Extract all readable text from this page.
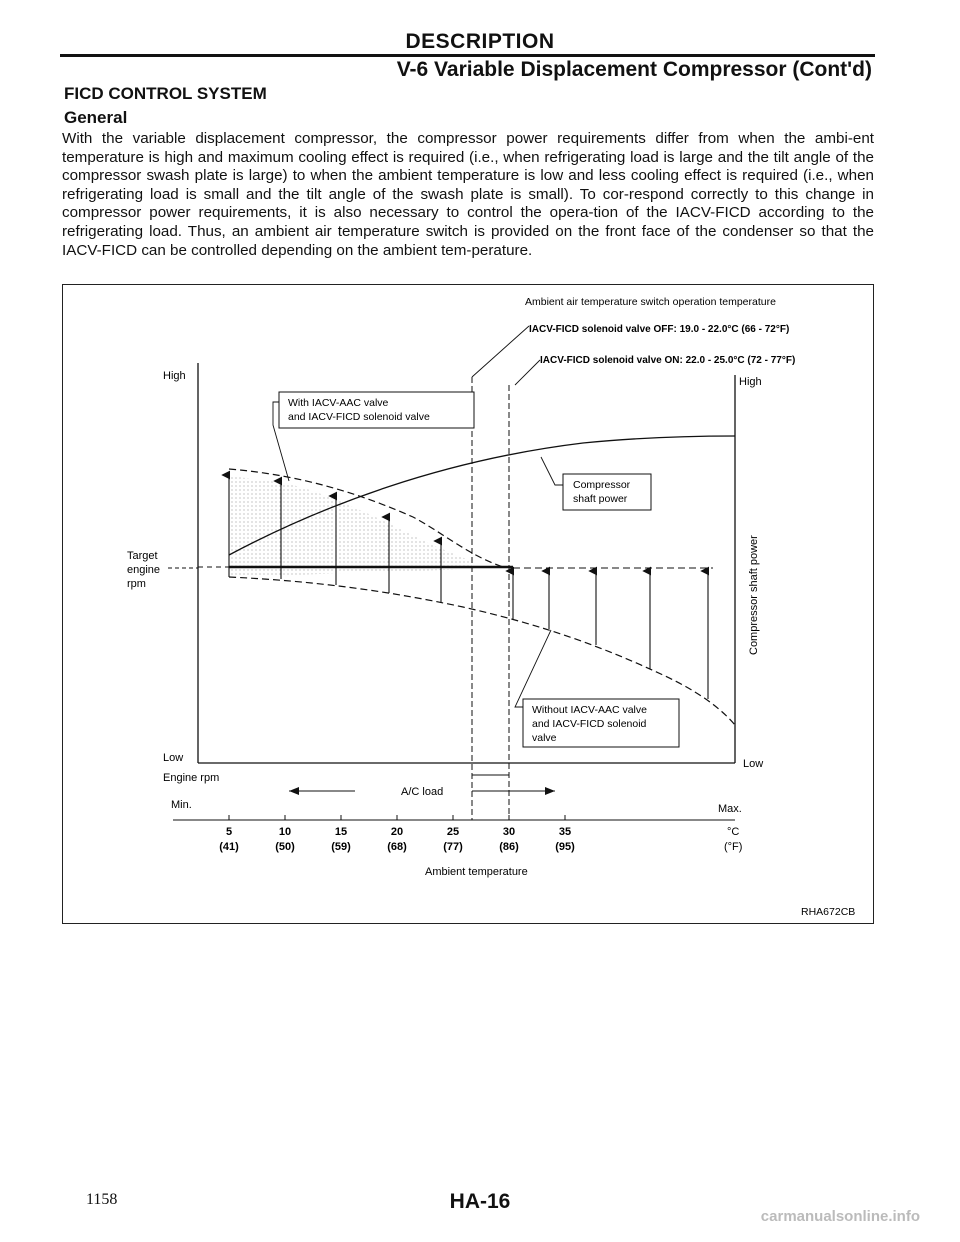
DESCRIPTION
V-6 Variable Displacement Compressor (Cont'd)
FICD CONTROL SYSTEM
General
With the variable displacement compressor, the compressor power requirements differ from when the ambi-ent temperature is high and maximum cooling effect is required (i.e., when refrigerating load is large and the tilt angle of the compressor swash plate is large) to when the ambient temperature is low and less cooling effect is required (i.e., when refrigerating load is small and the tilt angle of the swash plate is small). To cor-respond correctly to this change in compressor power requirements, it is also necessary to control the opera-tion of the IACV-FICD according to the refrigerating load. Thus, an ambient air temperature switch is provided on the front face of the condenser so that the IACV-FICD can be controlled depending on the ambient tem-perature.
Ambient air temperature switch operation temperature
IACV-FICD solenoid valve OFF: 19.0 - 22.0°C (66 - 72°F)
IACV-FICD solenoid valve ON: 22.0 - 25.0°C (72 - 77°F)
High
Low
Target
engine
rpm
Engine rpm
Min.
High
Low
Compressor shaft power
Max.
With IACV-AAC valve
and IACV-FICD solenoid valve
Compressor
shaft power
Without IACV-AAC valve
and IACV-FICD solenoid
valve
A/C load
5
(41)
10
(50)
15
(59)
20
(68)
25
(77)
30
(86)
35
(95)
°C
(°F)
Ambient temperature
RHA672CB
1158	HA-16
carmanualsonline.info
